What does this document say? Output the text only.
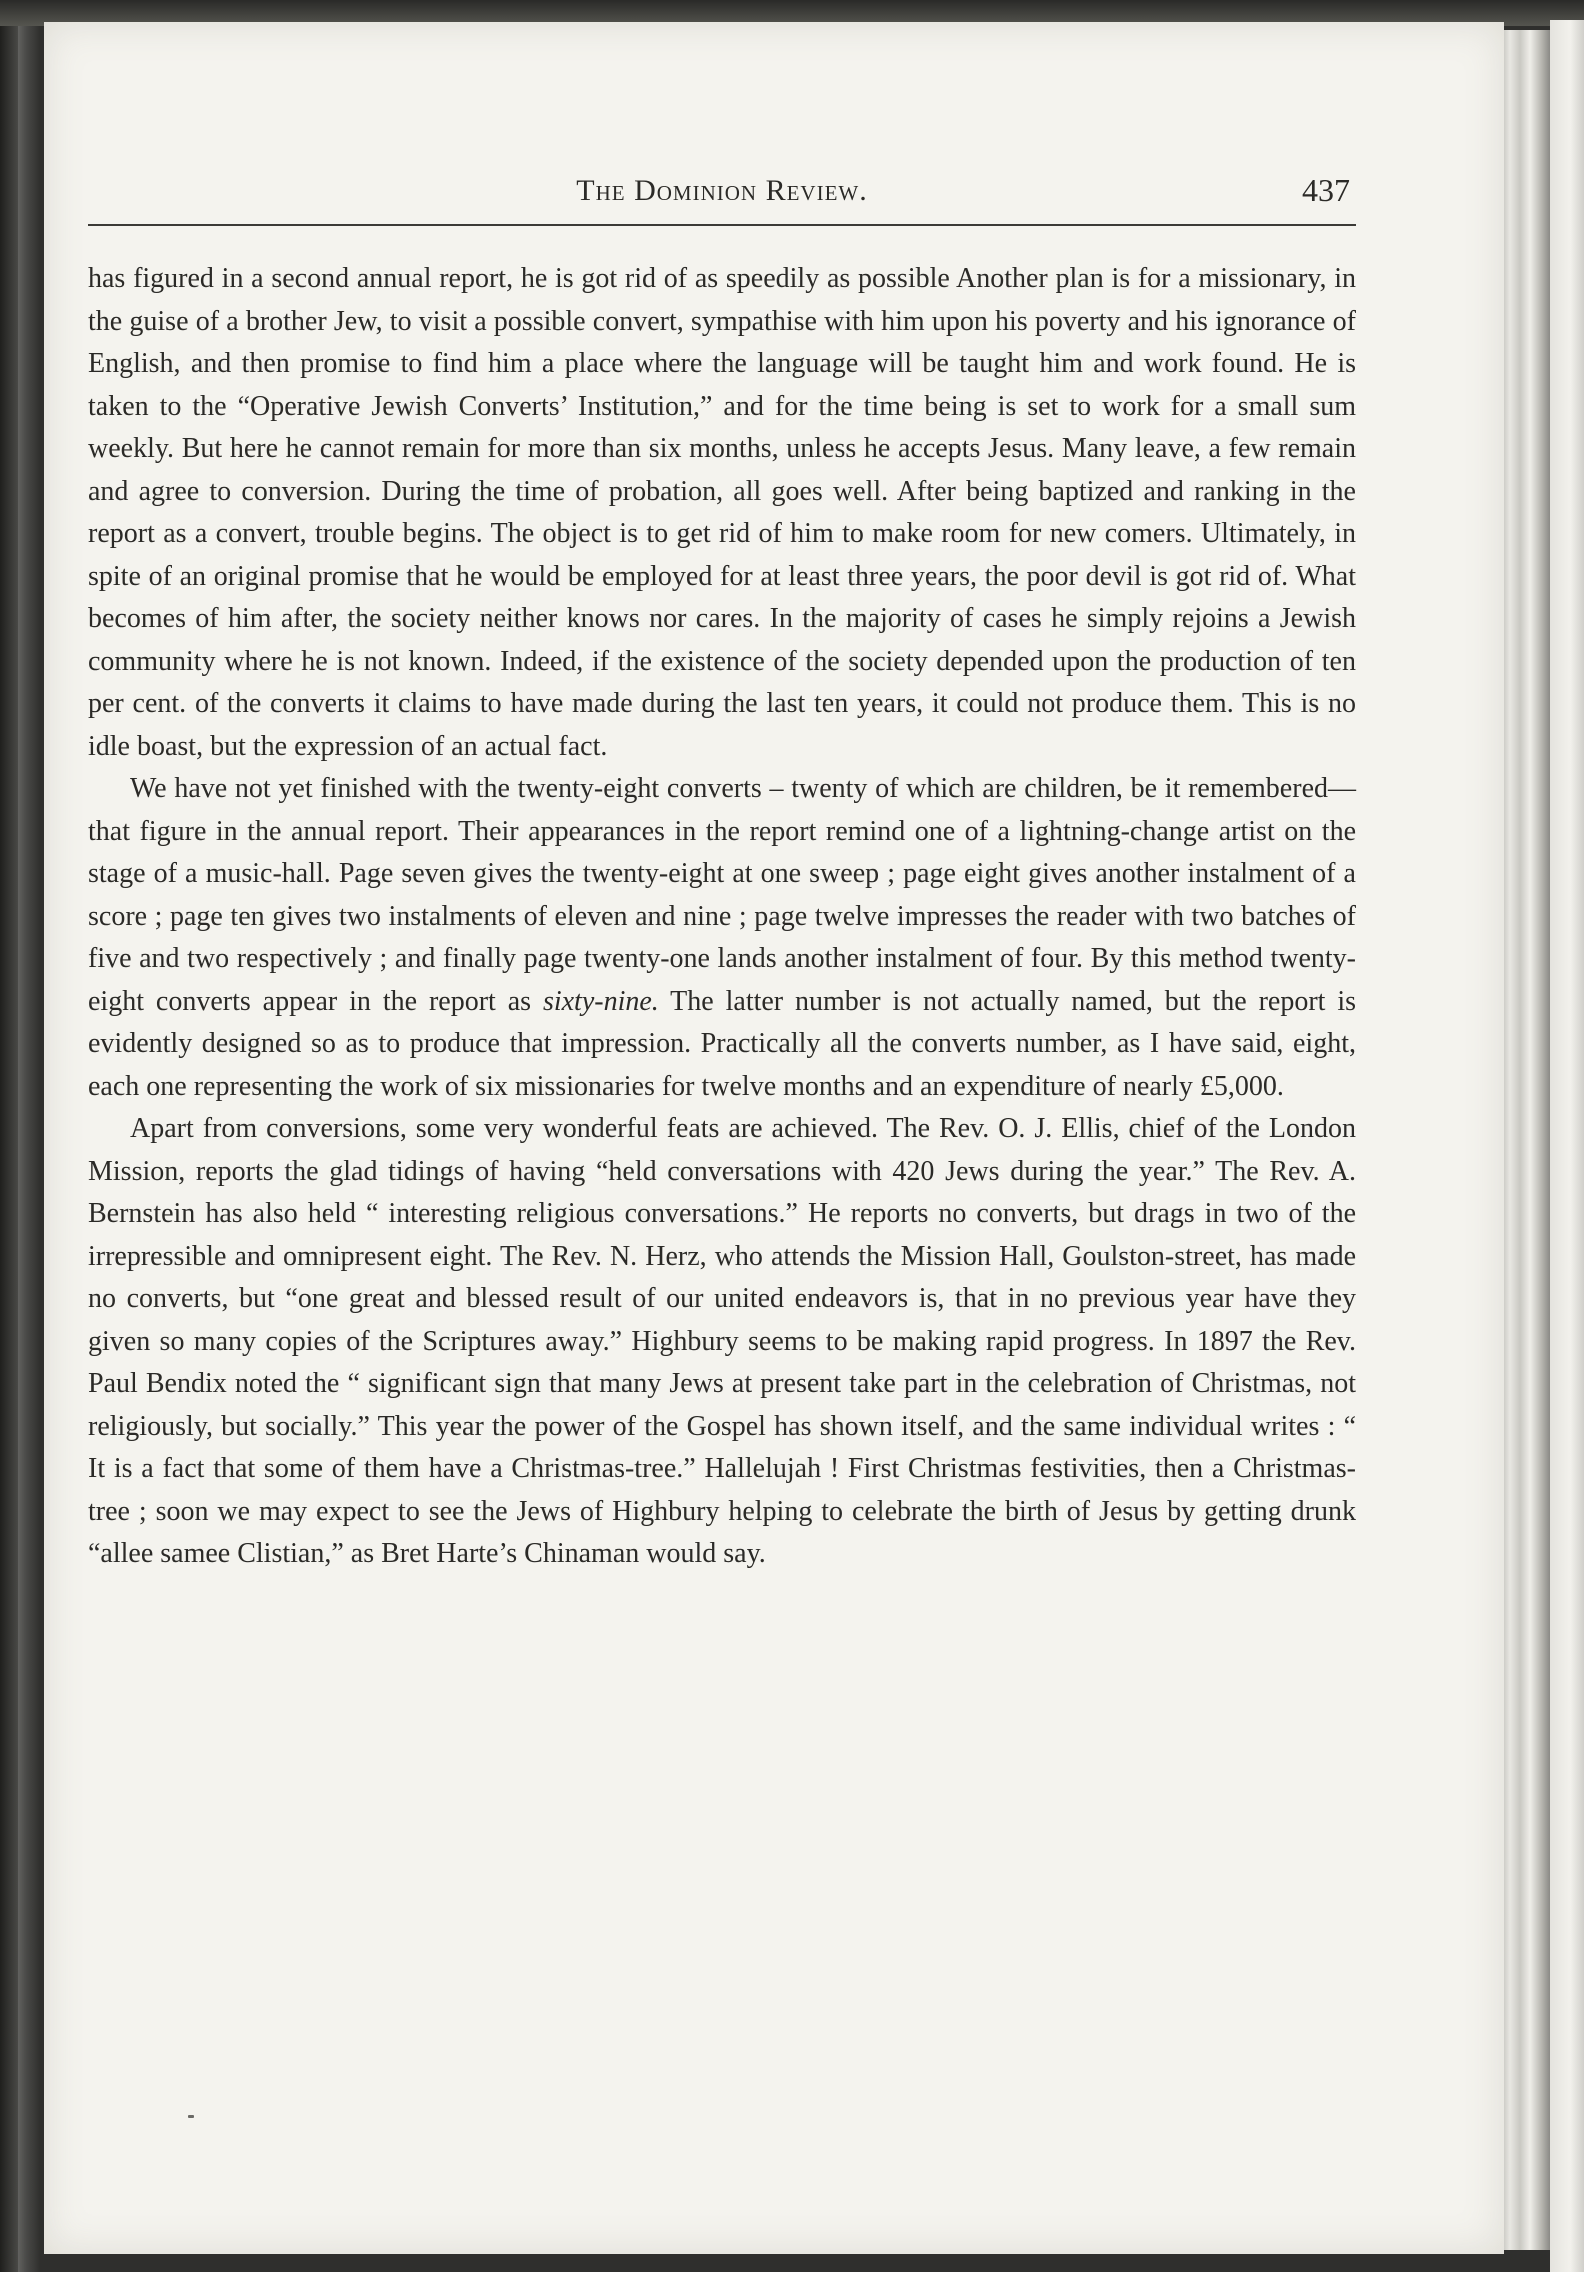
The Dominion Review.	437

has figured in a second annual report, he is got rid of as speedily as possible Another plan is for a missionary, in the guise of a brother Jew, to visit a possible convert, sympathise with him upon his poverty and his ignorance of English, and then promise to find him a place where the language will be taught him and work found. He is taken to the “Operative Jewish Converts’ Institution,” and for the time being is set to work for a small sum weekly. But here he cannot remain for more than six months, unless he accepts Jesus. Many leave, a few remain and agree to conversion. During the time of probation, all goes well. After being baptized and ranking in the report as a convert, trouble begins. The object is to get rid of him to make room for new comers. Ultimately, in spite of an original promise that he would be employed for at least three years, the poor devil is got rid of. What becomes of him after, the society neither knows nor cares. In the majority of cases he simply rejoins a Jewish community where he is not known. Indeed, if the existence of the society depended upon the production of ten per cent. of the converts it claims to have made during the last ten years, it could not produce them. This is no idle boast, but the expression of an actual fact.

We have not yet finished with the twenty-eight converts – twenty of which are children, be it remembered—that figure in the annual report. Their appearances in the report remind one of a lightning-change artist on the stage of a music-hall. Page seven gives the twenty-eight at one sweep ; page eight gives another instalment of a score ; page ten gives two instalments of eleven and nine ; page twelve impresses the reader with two batches of five and two respectively ; and finally page twenty-one lands another instalment of four. By this method twenty-eight converts appear in the report as sixty-nine. The latter number is not actually named, but the report is evidently designed so as to produce that impression. Practically all the converts number, as I have said, eight, each one representing the work of six missionaries for twelve months and an expenditure of nearly £5,000.

Apart from conversions, some very wonderful feats are achieved. The Rev. O. J. Ellis, chief of the London Mission, reports the glad tidings of having “held conversations with 420 Jews during the year.” The Rev. A. Bernstein has also held “ interesting religious conversations.” He reports no converts, but drags in two of the irrepressible and omnipresent eight. The Rev. N. Herz, who attends the Mission Hall, Goulston-street, has made no converts, but “one great and blessed result of our united endeavors is, that in no previous year have they given so many copies of the Scriptures away.” Highbury seems to be making rapid progress. In 1897 the Rev. Paul Bendix noted the “ significant sign that many Jews at present take part in the celebration of Christmas, not religiously, but socially.” This year the power of the Gospel has shown itself, and the same individual writes : “ It is a fact that some of them have a Christmas-tree.” Hallelujah ! First Christmas festivities, then a Christmas-tree ; soon we may expect to see the Jews of Highbury helping to celebrate the birth of Jesus by getting drunk “allee samee Clistian,” as Bret Harte’s Chinaman would say.
